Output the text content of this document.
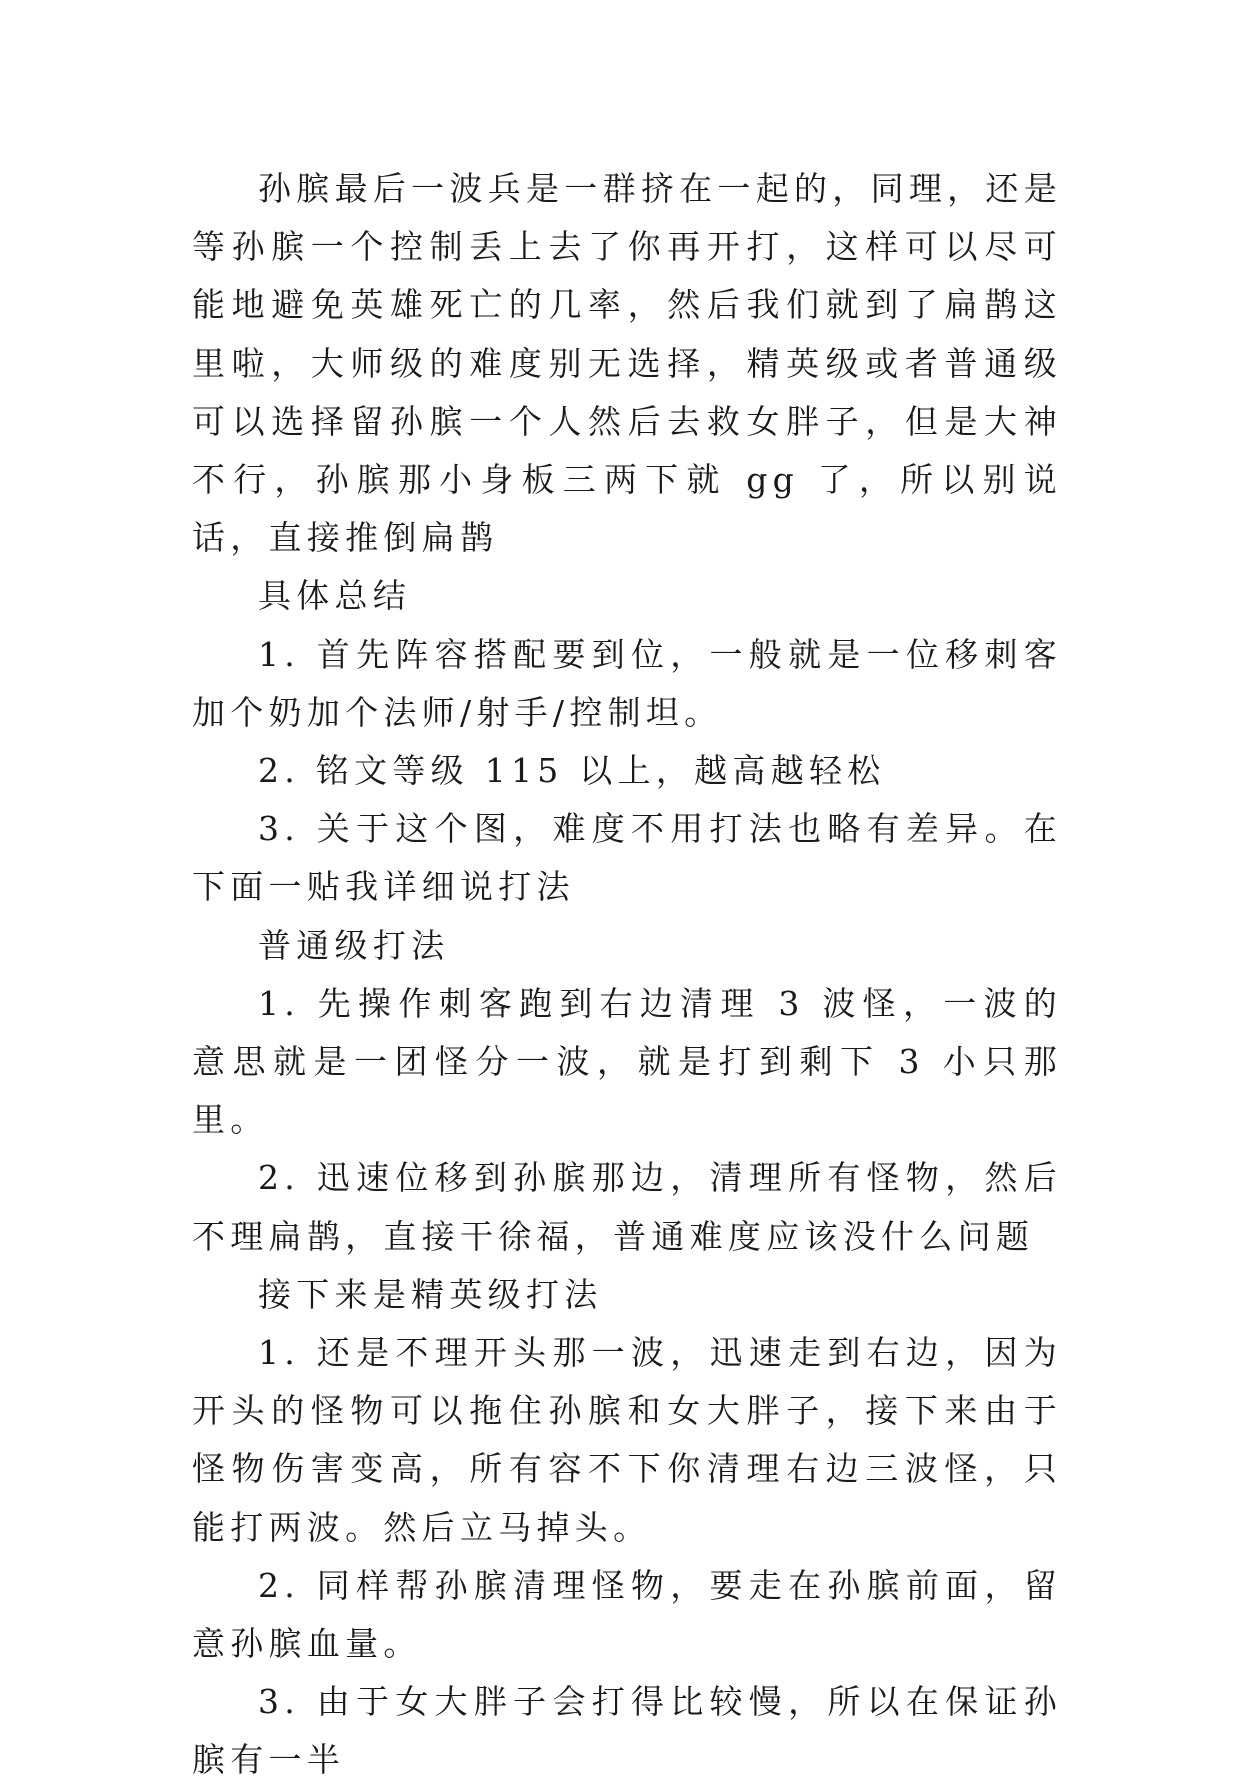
孙膑最后一波兵是一群挤在一起的，同理，还是等孙膑一个控制丢上去了你再开打，这样可以尽可能地避免英雄死亡的几率，然后我们就到了扁鹊这里啦，大师级的难度别无选择，精英级或者普通级可以选择留孙膑一个人然后去救女胖子，但是大神不行，孙膑那小身板三两下就 gg 了，所以别说话，直接推倒扁鹊

具体总结

1. 首先阵容搭配要到位，一般就是一位移刺客加个奶加个法师/射手/控制坦。

2. 铭文等级 115 以上，越高越轻松

3. 关于这个图，难度不用打法也略有差异。在下面一贴我详细说打法

普通级打法

1. 先操作刺客跑到右边清理 3 波怪，一波的意思就是一团怪分一波，就是打到剩下 3 小只那里。

2. 迅速位移到孙膑那边，清理所有怪物，然后不理扁鹊，直接干徐福，普通难度应该没什么问题

接下来是精英级打法

1. 还是不理开头那一波，迅速走到右边，因为开头的怪物可以拖住孙膑和女大胖子，接下来由于怪物伤害变高，所有容不下你清理右边三波怪，只能打两波。然后立马掉头。

2. 同样帮孙膑清理怪物，要走在孙膑前面，留意孙膑血量。

3. 由于女大胖子会打得比较慢，所以在保证孙膑有一半
